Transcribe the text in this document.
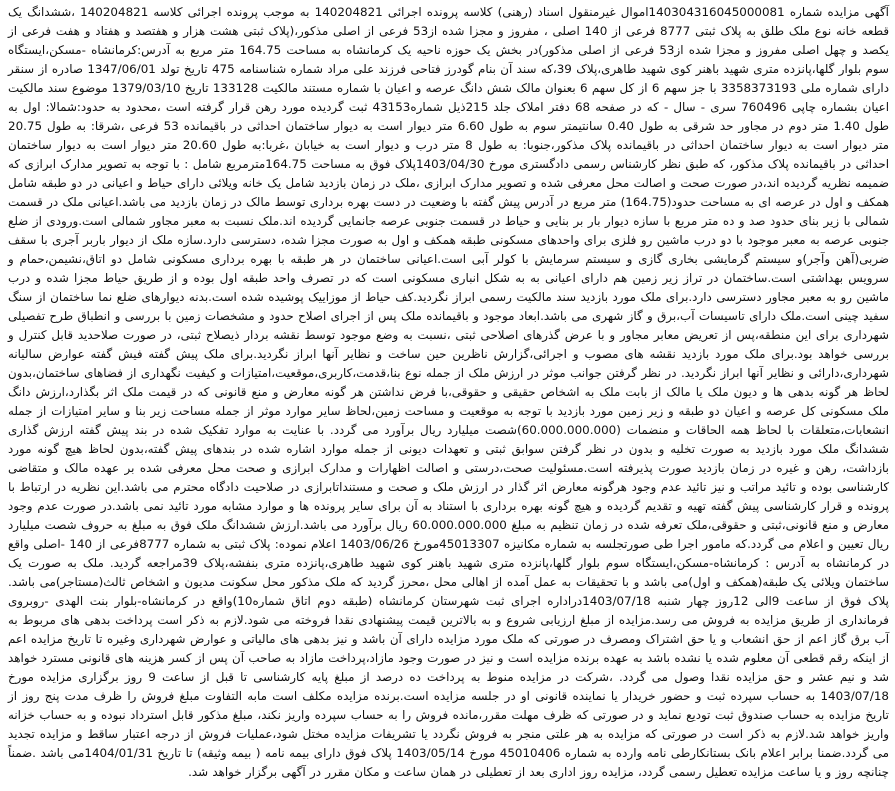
آگهی مزایده شماره 140304316045000081اموال غیرمنقول اسناد (رهنی) کلاسه پرونده اجرائی 140204821 به موجب پرونده اجرائی کلاسه 140204821 ،ششدانگ یک قطعه خانه نوع ملک طلق به پلاک ثبتی 8777 فرعی از 140 اصلی ، مفروز و مجزا شده از53 فرعی از اصلی مذکور،(پلاک ثبتی هشت هزار و هفتصد و هفتاد و هفت فرعی از یکصد و چهل اصلی مفروز و مجزا شده از53 فرعی از اصلی مذکور)در بخش یک حوزه ناحیه یک کرمانشاه به مساحت 164.75 متر مربع به آدرس:کرمانشاه -مسکن،ایستگاه سوم بلوار گلها،پانزده متری شهید باهنر کوی شهید طاهری،پلاک 39،که سند آن بنام گودرز فتاحی فرزند علی مراد شماره شناسنامه 475 تاریخ تولد 1347/06/01 صادره از سنقر دارای شماره ملی 3358373193 با جز سهم 6 از کل سهم 6 بعنوان مالک شش دانگ عرصه و اعیان با شماره مستند مالکیت 133128 تاریخ 1379/03/10 موضوع سند مالکیت اعیان بشماره چاپی 760496 سری - سال - که در صفحه 68 دفتر املاک جلد 215ذیل شماره43153 ثبت گردیده مورد رهن قرار گرفته است ،محدود به حدود:شمالا: اول به طول 1.40 متر دوم در مجاور حد شرقی به طول 0.40 سانتیمتر سوم به طول 6.60 متر دیوار است به دیوار ساختمان احداثی در باقیمانده 53 فرعی ،شرقا: به طول 20.75 متر دیوار است به دیوار ساختمان احداثی در باقیمانده پلاک مذکور،جنوبا: به طول 8 متر درب و دیوار است به خیابان ،غربا:به طول 20.60 متر دیوار است به دیوار ساختمان احداثی در باقیمانده پلاک مذکور، که طبق نظر کارشناس رسمی دادگستری مورخ 1403/04/30پلاک فوق به مساحت 164.75مترمربع شامل : با توجه به تصویر مدارک ابرازی که ضمیمه نظریه گردیده اند،در صورت صحت و اصالت محل معرفی شده و تصویر مدارک ابرازی ،ملک در زمان بازدید شامل یک خانه ویلائی دارای حیاط و اعیانی در دو طبقه شامل همکف و اول در عرصه ای به مساحت حدود(164.75) متر مربع در آدرس پیش گفته با وضعیت در دست بهره برداری توسط مالک در زمان بازدید می باشد.اعیانی ملک در قسمت شمالی با زیر بنای حدود صد و ده متر مربع با سازه دیوار بار بر بنایی و حیاط در قسمت جنوبی عرصه جانمایی گردیده اند.ملک نسبت به معبر مجاور شمالی است.ورودی از ضلع جنوبی عرصه به معبر موجود با دو درب ماشین رو فلزی برای واحدهای مسکونی طبقه همکف و اول به صورت مجزا شده، دسترسی دارد.سازه ملک از دیوار باربر آجری با سقف ضربی(آهن وآجر)و سیستم گرمایشی بخاری گازی و سیستم سرمایش با کولر آبی است.اعیانی ساختمان در هر طبقه با بهره برداری مسکونی شامل دو اتاق،نشیمن،حمام و سرویس بهداشتی است.ساختمان در تراز زیر زمین هم دارای اعیانی به به شکل انباری مسکونی است که در تصرف واحد طبقه اول بوده و از طریق حیاط مجزا شده و درب ماشین رو به معبر مجاور دسترسی دارد.برای ملک مورد بازدید سند مالکیت رسمی ابراز نگردید.کف حیاط از موزاییک پوشیده شده است.بدنه دیوارهای ضلع نما ساختمان از سنگ سفید چینی است.ملک دارای تاسیسات آب،برق و گاز شهری می باشد.ابعاد موجود و باقیمانده ملک پس از اجرای اصلاح حدود و مشخصات زمین با بررسی و انطباق طرح تفصیلی شهرداری برای این منطقه،پس از تعریض معابر مجاور و با عرض گذرهای اصلاحی ثبتی ،نسبت به وضع موجود توسط نقشه بردار ذیصلاح ثبتی، در صورت صلاحدید قابل کنترل و بررسی خواهد بود.برای ملک مورد بازدید نقشه های مصوب و اجرائی،گزارش ناظرین حین ساخت و نظایر آنها ابراز نگردید.برای ملک پیش گفته فیش گفته عوارض سالیانه شهرداری،دارائی و نظایر آنها ابراز نگردید. در نظر گرفتن جوانب موثر در ارزش ملک از جمله نوع بنا،قدمت،کاربری،موقعیت،امتیازات و کیفیت نگهداری از فضاهای ساختمان،بدون لحاظ هر گونه بدهی ها و دیون ملک یا مالک از بابت ملک به اشخاص حقیقی و حقوقی،با فرض نداشتن هر گونه معارض و منع قانونی که در قیمت ملک اثر بگذارد،ارزش دانگ ملک مسکونی کل عرصه و اعیان دو طبقه و زیر زمین مورد بازدید با توجه به موقعیت و مساحت زمین،لحاظ سایر موارد موثر از جمله مساحت زیر بنا و سایر امتیازات از جمله انشعابات،متعلقات با لحاظ همه الحاقات و منضمات (60.000.000.000)شصت میلیارد ریال برآورد می گردد. با عنایت به موارد تفکیک شده در بند پیش گفته ارزش گذاری ششدانگ ملک مورد بازدید به صورت تخلیه و بدون در نظر گرفتن سوابق ثبتی و تعهدات دیونی از جمله موارد اشاره شده در بندهای پیش گفته،بدون لحاظ هیچ گونه مورد بازداشت، رهن و غیره در زمان بازدید صورت پذیرفته است.مسئولیت صحت،درستی و اصالت اظهارات و مدارک ابرازی و صحت محل معرفی شده بر عهده مالک و متقاضی کارشناسی بوده و تائید مراتب و نیز تائید عدم وجود هرگونه معارض اثر گذار در ارزش ملک و صحت و مستنداتابرازی در صلاحیت دادگاه محترم می باشد.این نظریه در ارتباط با پرونده و قرار کارشناسی پیش گفته تهیه و تقدیم گردیده و هیچ گونه بهره برداری با استناد به آن برای سایر پرونده ها و موارد مشابه مورد تائید نمی باشد.در صورت عدم وجود معارض و منع قانونی،ثبتی و حقوقی،ملک تعرفه شده در زمان تنظیم به مبلغ 60.000.000.000 ریال برآورد می باشد.ارزش ششدانگ ملک فوق به مبلغ به حروف شصت میلیارد ریال تعیین و اعلام می گردد.که مامور اجرا طی صورتجلسه به شماره مکانیزه 45013307مورخ 1403/06/26 اعلام نموده: پلاک ثبتی به شماره 8777فرعی از 140 -اصلی واقع در کرمانشاه به آدرس : کرمانشاه-مسکن،ایستگاه سوم بلوار گلها،پانزده متری شهید باهنر کوی شهید طاهری،پانزده متری بنفشه،پلاک 39مراجعه گردید. ملک به صورت یک ساختمان ویلائی یک طبقه(همکف و اول)می باشد و با تحقیقات به عمل آمده از اهالی محل ،محرز گردید که ملک مذکور محل سکونت مدیون و اشخاص ثالث(مستاجر)می باشد. پلاک فوق از ساعت 9الی 12روز چهار شنبه 1403/07/18دراداره اجرای ثبت شهرستان کرمانشاه (طبقه دوم اتاق شماره10)واقع در کرمانشاه-بلوار بنت الهدی -روبروی فرمانداری از طریق مزایده به فروش می رسد.مزایده از مبلغ ارزیابی شروع و به بالاترین قیمت پیشنهادی نقدا فروخته می شود.لازم به ذکر است پرداخت بدهی های مربوط به آب برق گاز اعم از حق انشعاب و یا حق اشتراک ومصرف در صورتی که ملک مورد مزایده دارای آن باشد و نیز بدهی های مالیاتی و عوارض شهرداری وغیره تا تاریخ مزایده اعم از اینکه رقم قطعی آن معلوم شده یا نشده باشد به عهده برنده مزایده است و نیز در صورت وجود مازاد،پرداخت مازاد به صاحب آن پس از کسر هزینه های قانونی مسترد خواهد شد و نیم عشر و حق مزایده نقدا وصول می گردد. ،شرکت در مزایده منوط به پرداخت ده درصد از مبلغ پایه کارشناسی تا قبل از ساعت 9 روز برگزاری مزایده مورخ 1403/07/18 به حساب سپرده ثبت و حضور خریدار یا نماینده قانونی او در جلسه مزایده است.برنده مزایده مکلف است مابه التفاوت مبلغ فروش را ظرف مدت پنج روز از تاریخ مزایده به حساب صندوق ثبت تودیع نماید و در صورتی که ظرف مهلت مقرر،مانده فروش را به حساب سپرده واریز نکند، مبلغ مذکور قابل استرداد نبوده و به حساب خزانه واریز خواهد شد.لازم به ذکر است در صورتی که مزایده به هر علتی منجر به فروش نگردد یا تشریفات مزایده مختل شود،عملیات فروش از درجه اعتبار ساقط و مزایده تجدید می گردد.ضمنا برابر اعلام بانک بستانکارطی نامه وارده به شماره 45010406 مورخ 1403/05/14 پلاک فوق دارای بیمه نامه ( بیمه وثیقه) تا تاریخ 1404/01/31می باشد .ضمناً چنانچه روز و یا ساعت مزایده تعطیل رسمی گردد، مزایده روز اداری بعد از تعطیلی در همان ساعت و مکان مقرر در آگهی برگزار خواهد شد.
